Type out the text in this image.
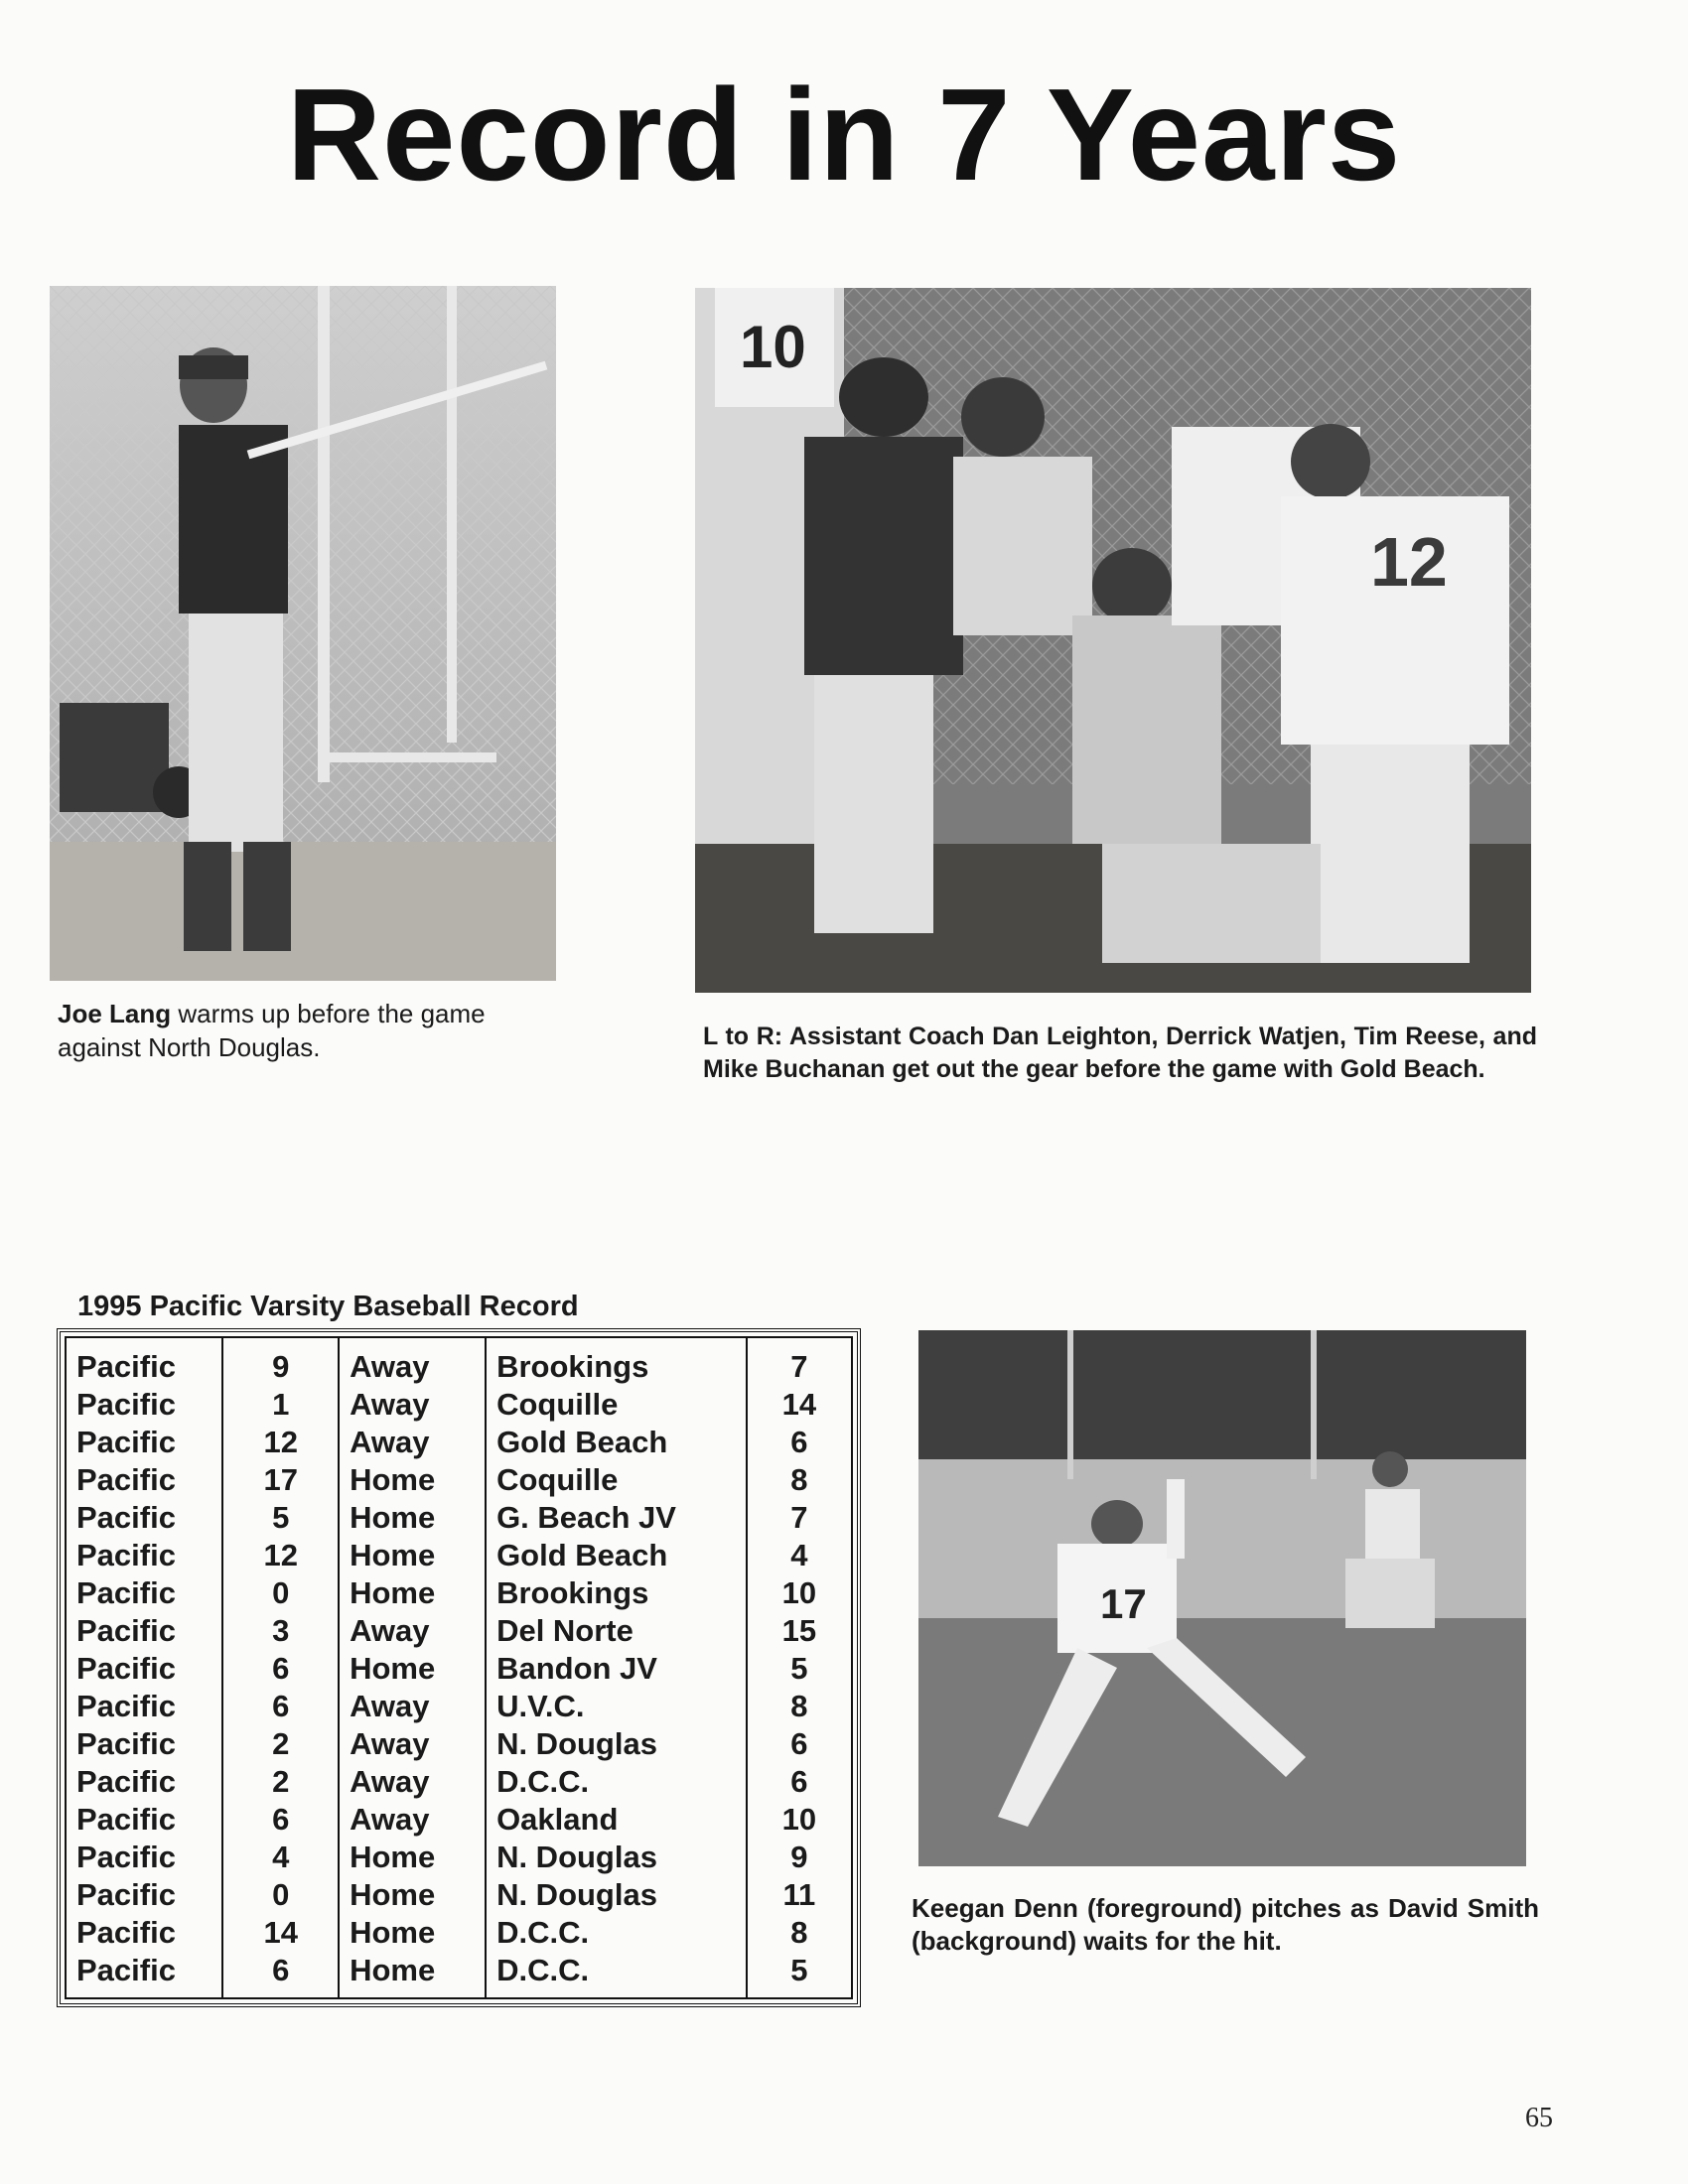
Record in 7 Years
Joe Lang warms up before the game against North Douglas.
10
12
L to R: Assistant Coach Dan Leighton, Derrick Watjen, Tim Reese, and Mike Buchanan get out the gear before the game with Gold Beach.
1995 Pacific Varsity Baseball Record
Pacific	9	Away	Brookings	7
Pacific	1	Away	Coquille	14
Pacific	12	Away	Gold Beach	6
Pacific	17	Home	Coquille	8
Pacific	5	Home	G. Beach JV	7
Pacific	12	Home	Gold Beach	4
Pacific	0	Home	Brookings	10
Pacific	3	Away	Del Norte	15
Pacific	6	Home	Bandon JV	5
Pacific	6	Away	U.V.C.	8
Pacific	2	Away	N. Douglas	6
Pacific	2	Away	D.C.C.	6
Pacific	6	Away	Oakland	10
Pacific	4	Home	N. Douglas	9
Pacific	0	Home	N. Douglas	11
Pacific	14	Home	D.C.C.	8
Pacific	6	Home	D.C.C.	5
17
Keegan Denn (foreground) pitches as David Smith (background) waits for the hit.
65
